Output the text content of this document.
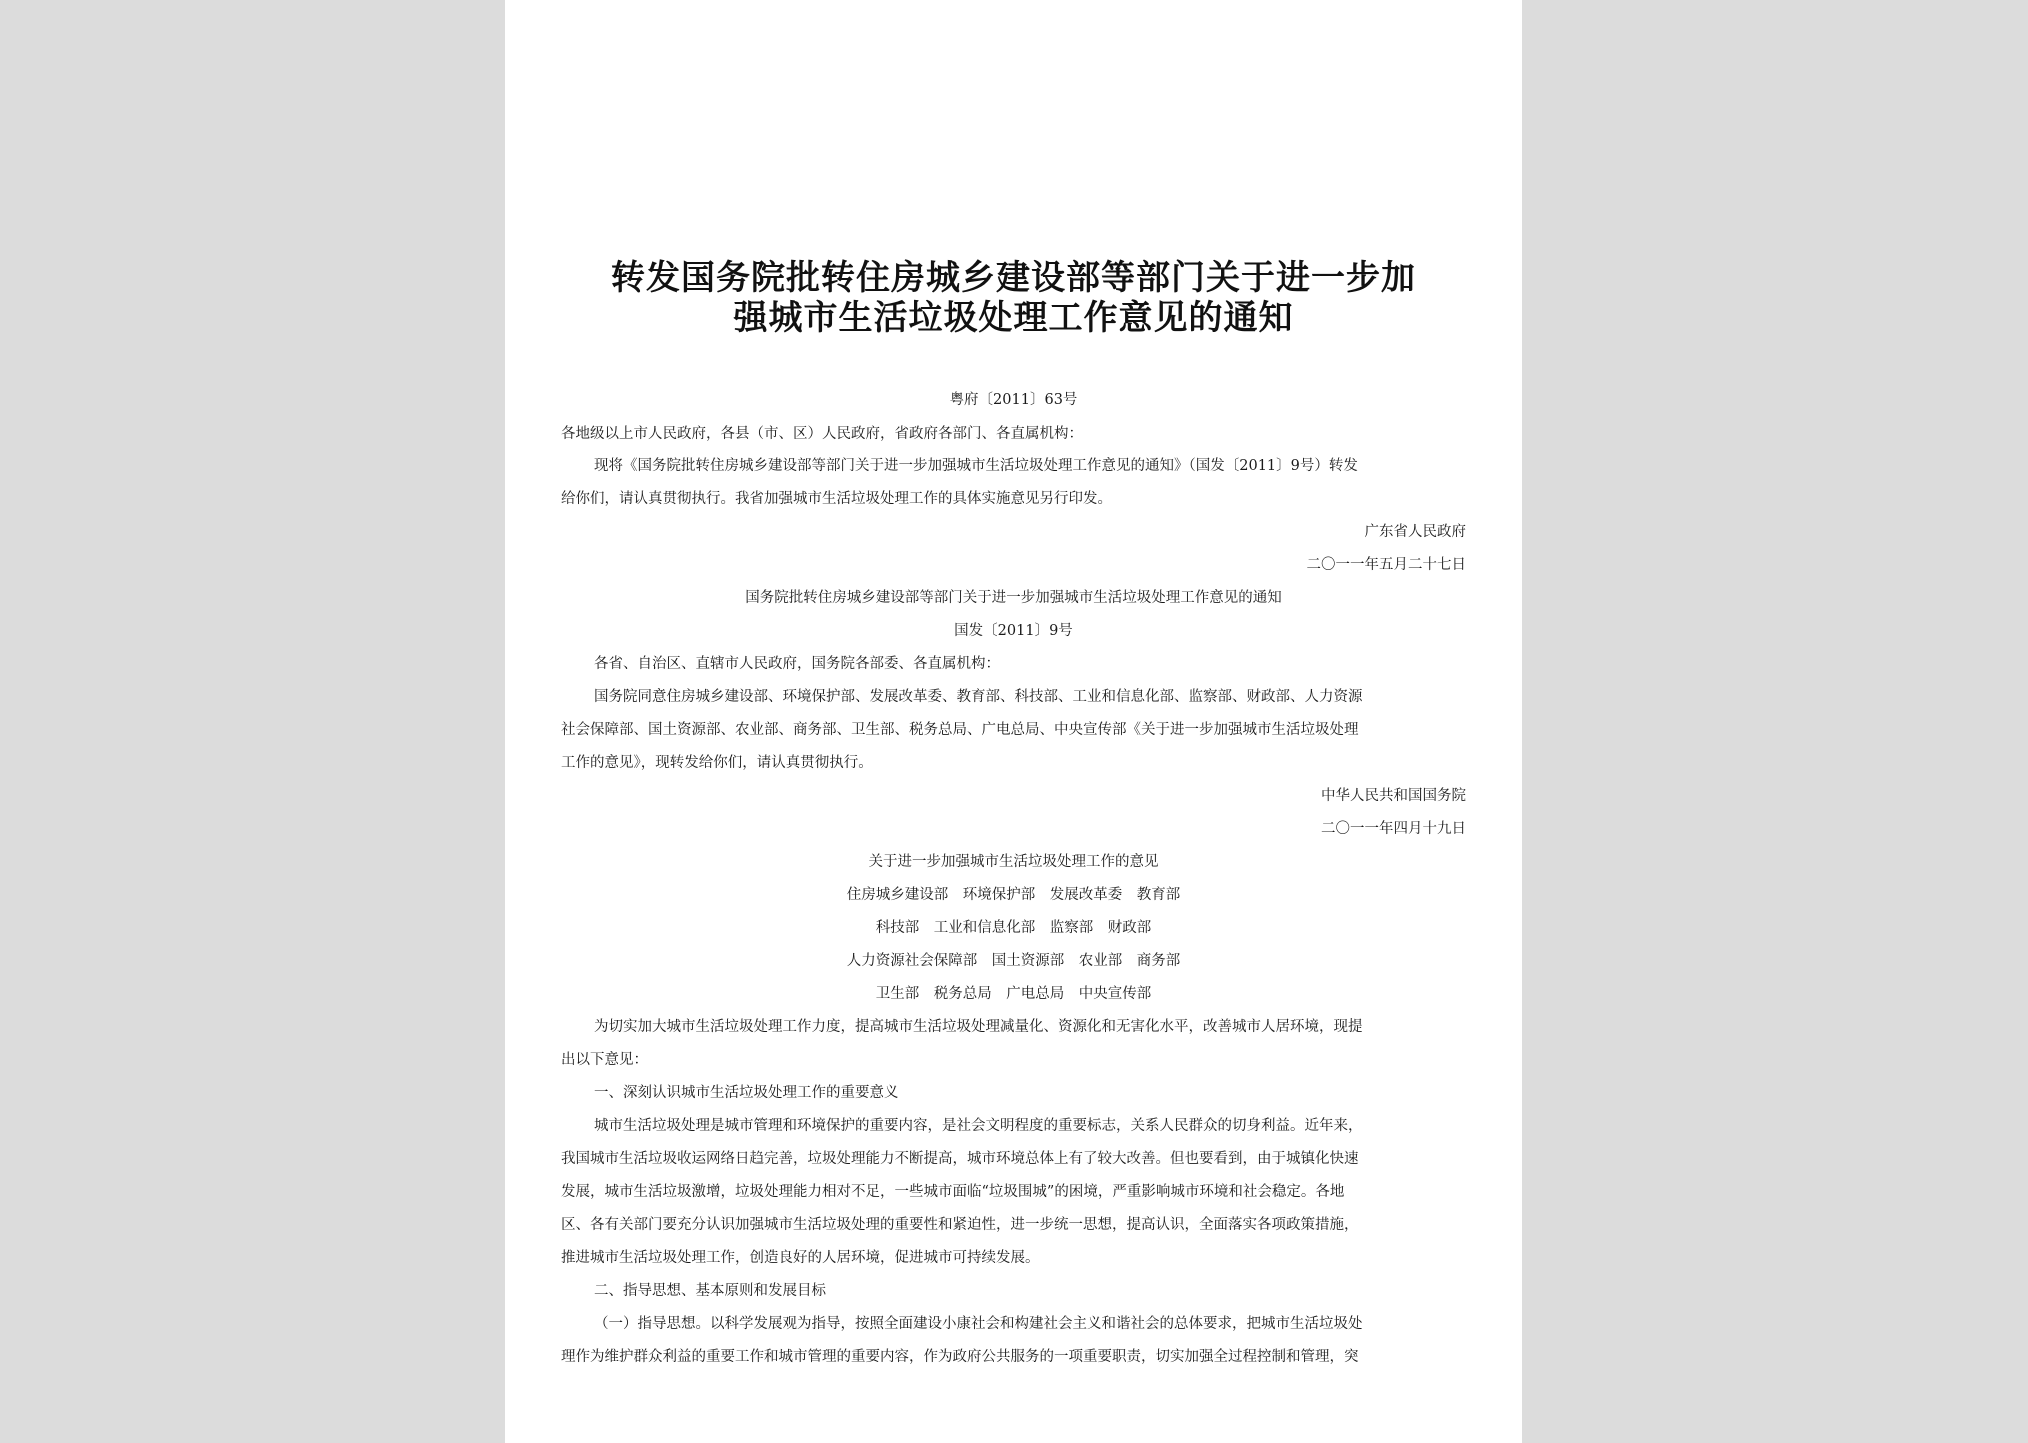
转发国务院批转住房城乡建设部等部门关于进一步加
强城市生活垃圾处理工作意见的通知
粤府〔2011〕63号
各地级以上市人民政府，各县（市、区）人民政府，省政府各部门、各直属机构：
现将《国务院批转住房城乡建设部等部门关于进一步加强城市生活垃圾处理工作意见的通知》（国发〔2011〕9号）转发
给你们，请认真贯彻执行。我省加强城市生活垃圾处理工作的具体实施意见另行印发。
广东省人民政府
二〇一一年五月二十七日
国务院批转住房城乡建设部等部门关于进一步加强城市生活垃圾处理工作意见的通知
国发〔2011〕9号
各省、自治区、直辖市人民政府，国务院各部委、各直属机构：
国务院同意住房城乡建设部、环境保护部、发展改革委、教育部、科技部、工业和信息化部、监察部、财政部、人力资源
社会保障部、国土资源部、农业部、商务部、卫生部、税务总局、广电总局、中央宣传部《关于进一步加强城市生活垃圾处理
工作的意见》，现转发给你们，请认真贯彻执行。
中华人民共和国国务院
二〇一一年四月十九日
关于进一步加强城市生活垃圾处理工作的意见
住房城乡建设部　环境保护部　发展改革委　教育部
科技部　工业和信息化部　监察部　财政部
人力资源社会保障部　国土资源部　农业部　商务部
卫生部　税务总局　广电总局　中央宣传部
为切实加大城市生活垃圾处理工作力度，提高城市生活垃圾处理减量化、资源化和无害化水平，改善城市人居环境，现提
出以下意见：
一、深刻认识城市生活垃圾处理工作的重要意义
城市生活垃圾处理是城市管理和环境保护的重要内容，是社会文明程度的重要标志，关系人民群众的切身利益。近年来，
我国城市生活垃圾收运网络日趋完善，垃圾处理能力不断提高，城市环境总体上有了较大改善。但也要看到，由于城镇化快速
发展，城市生活垃圾激增，垃圾处理能力相对不足，一些城市面临“垃圾围城”的困境，严重影响城市环境和社会稳定。各地
区、各有关部门要充分认识加强城市生活垃圾处理的重要性和紧迫性，进一步统一思想，提高认识，全面落实各项政策措施，
推进城市生活垃圾处理工作，创造良好的人居环境，促进城市可持续发展。
二、指导思想、基本原则和发展目标
（一）指导思想。以科学发展观为指导，按照全面建设小康社会和构建社会主义和谐社会的总体要求，把城市生活垃圾处
理作为维护群众利益的重要工作和城市管理的重要内容，作为政府公共服务的一项重要职责，切实加强全过程控制和管理，突
